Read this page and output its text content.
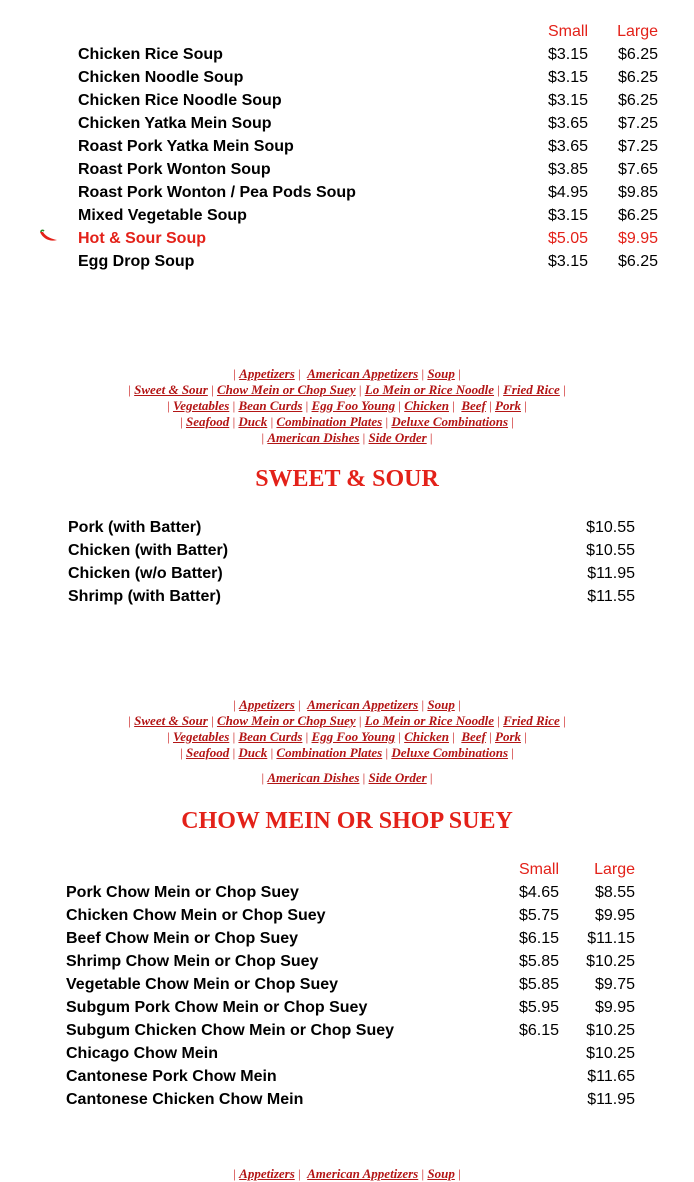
		Small	Large
	Chicken Rice Soup	$3.15	$6.25
	Chicken Noodle Soup	$3.15	$6.25
	Chicken Rice Noodle Soup	$3.15	$6.25
	Chicken Yatka Mein Soup	$3.65	$7.25
	Roast Pork Yatka Mein Soup	$3.65	$7.25
	Roast Pork Wonton Soup	$3.85	$7.65
	Roast Pork Wonton / Pea Pods Soup	$4.95	$9.85
	Mixed Vegetable Soup	$3.15	$6.25
	Hot & Sour Soup	$5.05	$9.95
	Egg Drop Soup	$3.15	$6.25
| Appetizers |  American Appetizers | Soup |
| Sweet & Sour | Chow Mein or Chop Suey | Lo Mein or Rice Noodle | Fried Rice |
| Vegetables | Bean Curds | Egg Foo Young | Chicken |  Beef | Pork |
| Seafood | Duck | Combination Plates | Deluxe Combinations |
| American Dishes | Side Order |
SWEET & SOUR
Pork (with Batter)	$10.55
Chicken (with Batter)	$10.55
Chicken (w/o Batter)	$11.95
Shrimp (with Batter)	$11.55
| Appetizers |  American Appetizers | Soup |
| Sweet & Sour | Chow Mein or Chop Suey | Lo Mein or Rice Noodle | Fried Rice |
| Vegetables | Bean Curds | Egg Foo Young | Chicken |  Beef | Pork |
| Seafood | Duck | Combination Plates | Deluxe Combinations |
| American Dishes | Side Order |
CHOW MEIN OR SHOP SUEY
	Small	Large
Pork Chow Mein or Chop Suey	$4.65	$8.55
Chicken Chow Mein or Chop Suey	$5.75	$9.95
Beef Chow Mein or Chop Suey	$6.15	$11.15
Shrimp Chow Mein or Chop Suey	$5.85	$10.25
Vegetable Chow Mein or Chop Suey	$5.85	$9.75
Subgum Pork Chow Mein or Chop Suey	$5.95	$9.95
Subgum Chicken Chow Mein or Chop Suey	$6.15	$10.25
Chicago Chow Mein		$10.25
Cantonese Pork Chow Mein		$11.65
Cantonese Chicken Chow Mein		$11.95
| Appetizers |  American Appetizers | Soup |
